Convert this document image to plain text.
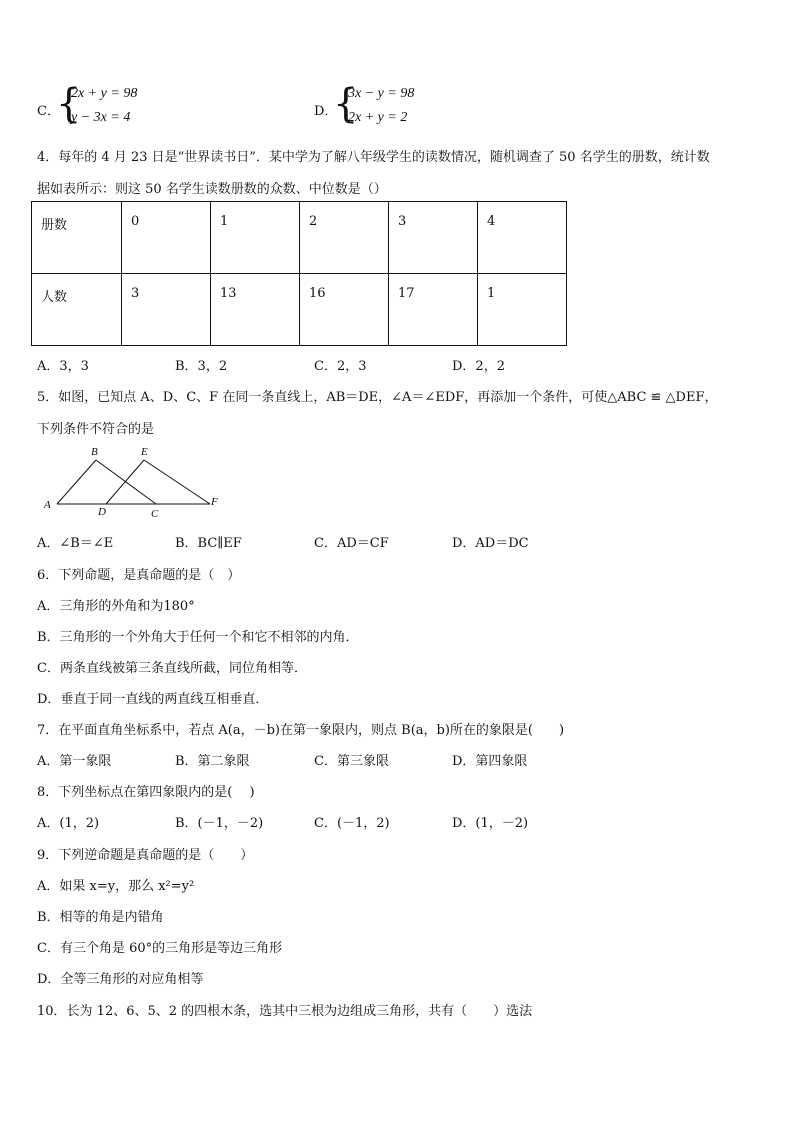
C．
{
2x + y = 98
y − 3x = 4	D．
{
3x − y = 98
2x + y = 2
4．每年的 4 月 23 日是“世界读书日”．某中学为了解八年级学生的读数情况，随机调查了 50 名学生的册数，统计数
据如表所示：则这 50 名学生读数册数的众数、中位数是（）
册数	0	1	2	3	4
人数	3	13	16	17	1
A．3，3	B．3，2	C．2，3	D．2，2
5．如图，已知点 A、D、C、F 在同一条直线上，AB＝DE，∠A＝∠EDF，再添加一个条件，可使△ABC ≌ △DEF，
下列条件不符合的是
A
B
C
D
E
F
A．∠B＝∠E	B．BC∥EF	C．AD＝CF	D．AD＝DC
6．下列命题，是真命题的是（　）
A．三角形的外角和为180°
B．三角形的一个外角大于任何一个和它不相邻的内角．
C．两条直线被第三条直线所截，同位角相等．
D．垂直于同一直线的两直线互相垂直．
7．在平面直角坐标系中，若点 A(a，－b)在第一象限内，则点 B(a，b)所在的象限是(　　)
A．第一象限	B．第二象限	C．第三象限	D．第四象限
8．下列坐标点在第四象限内的是(　 )
A．(1，2)	B．(－1，－2)	C．(－1，2)	D．(1，－2)
9．下列逆命题是真命题的是（　　）
A．如果 x=y，那么 x²=y²
B．相等的角是内错角
C．有三个角是 60°的三角形是等边三角形
D．全等三角形的对应角相等
10．长为 12、6、5、2 的四根木条，选其中三根为边组成三角形，共有（　　）选法
